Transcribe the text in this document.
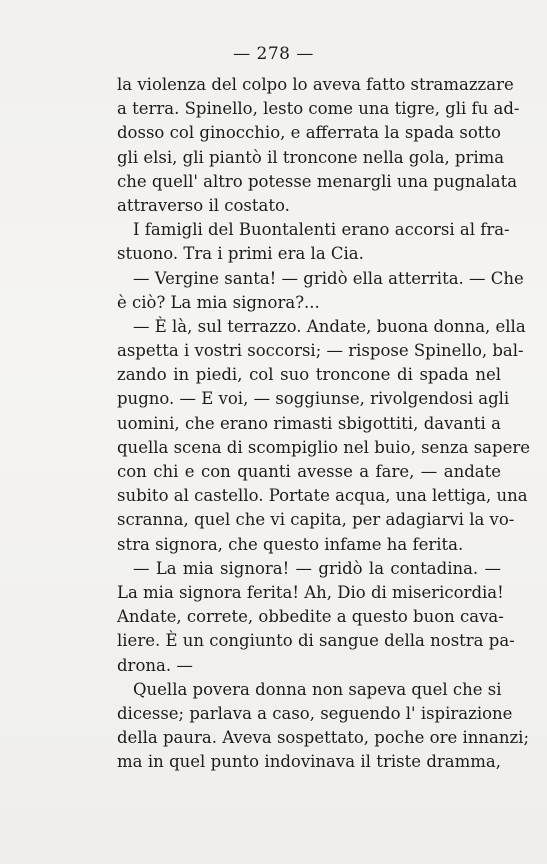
— 278 —
la violenza del colpo lo aveva fatto stramazzare
a terra. Spinello, lesto come una tigre, gli fu ad-
dosso col ginocchio, e afferrata la spada sotto
gli elsi, gli piantò il troncone nella gola, prima
che quell' altro potesse menargli una pugnalata
attraverso il costato.
I famigli del Buontalenti erano accorsi al fra-
stuono. Tra i primi era la Cia.
— Vergine santa! — gridò ella atterrita. — Che
è ciò? La mia signora?...
— È là, sul terrazzo. Andate, buona donna, ella
aspetta i vostri soccorsi; — rispose Spinello, bal-
zando in piedi, col suo troncone di spada nel
pugno. — E voi, — soggiunse, rivolgendosi agli
uomini, che erano rimasti sbigottiti, davanti a
quella scena di scompiglio nel buio, senza sapere
con chi e con quanti avesse a fare, — andate
subito al castello. Portate acqua, una lettiga, una
scranna, quel che vi capita, per adagiarvi la vo-
stra signora, che questo infame ha ferita.
— La mia signora! — gridò la contadina. —
La mia signora ferita! Ah, Dio di misericordia!
Andate, correte, obbedite a questo buon cava-
liere. È un congiunto di sangue della nostra pa-
drona. —
Quella povera donna non sapeva quel che si
dicesse; parlava a caso, seguendo l' ispirazione
della paura. Aveva sospettato, poche ore innanzi;
ma in quel punto indovinava il triste dramma,
